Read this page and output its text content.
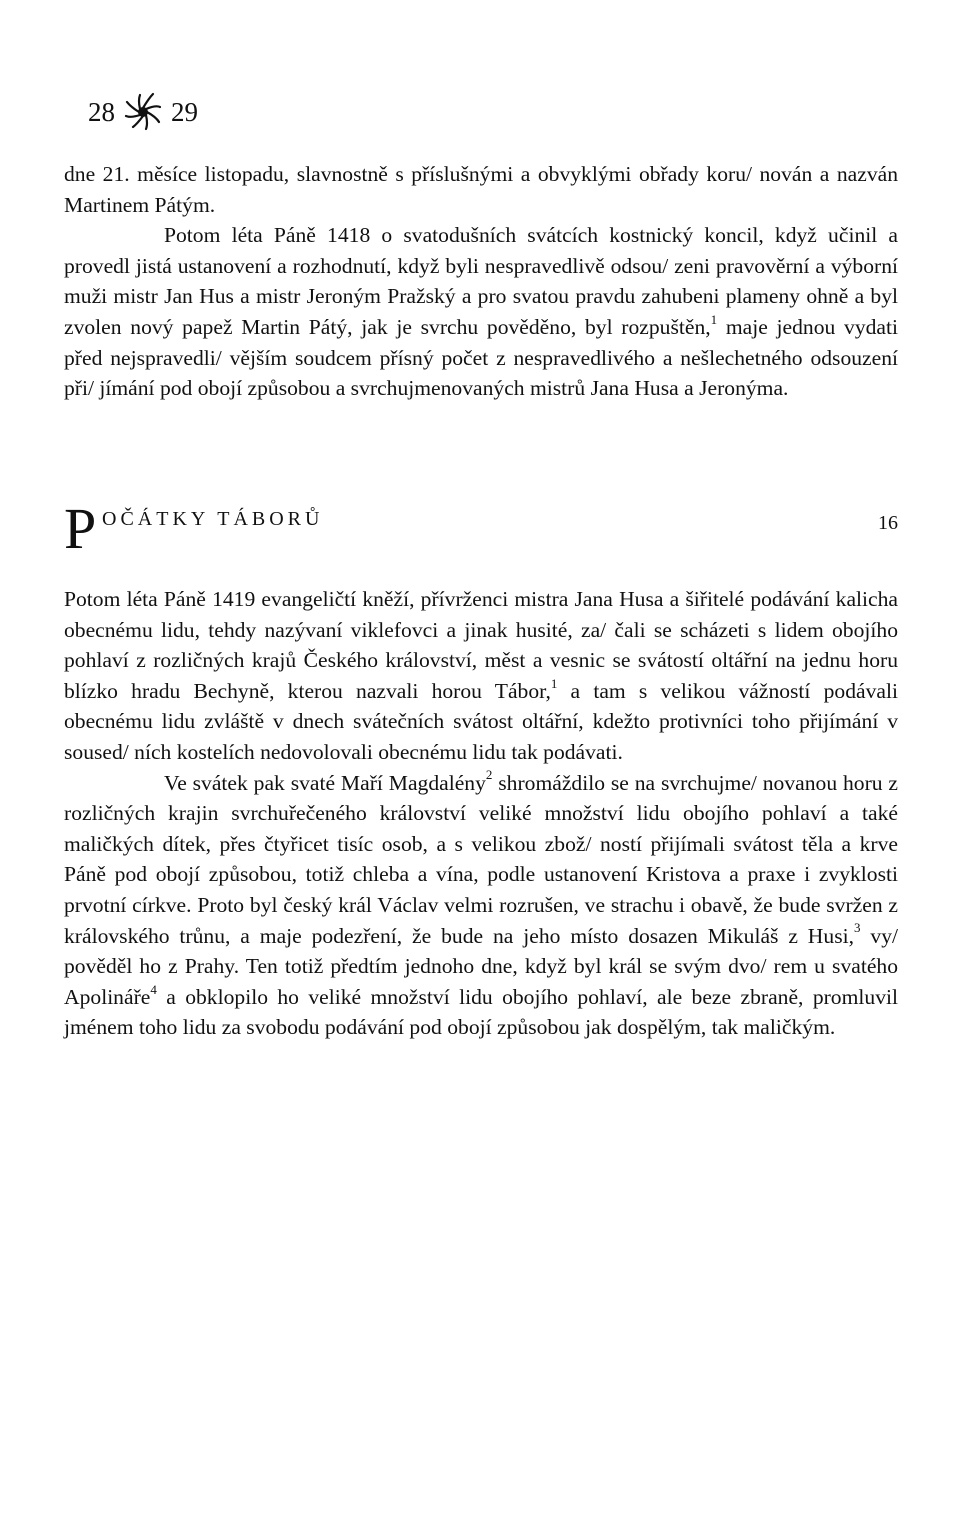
28 29

dne 21. měsíce listopadu, slavnostně s příslušnými a obvyklými obřady koru/ nován a nazván Martinem Pátým.

Potom léta Páně 1418 o svatodušních svátcích kostnický koncil, když učinil a provedl jistá ustanovení a rozhodnutí, když byli nespravedlivě odsou/ zeni pravověrní a výborní muži mistr Jan Hus a mistr Jeroným Pražský a pro svatou pravdu zahubeni plameny ohně a byl zvolen nový papež Martin Pátý, jak je svrchu pověděno, byl rozpuštěn,$^1$ maje jednou vydati před nejspravedli/ vějším soudcem přísný počet z nespravedlivého a nešlechetného odsouzení při/ jímání pod obojí způsobou a svrchujmenovaných mistrů Jana Husa a Jeronýma.

P OČÁTKY TÁBORŮ	16

Potom léta Páně 1419 evangeličtí kněží, přívrženci mistra Jana Husa a šiřitelé podávání kalicha obecnému lidu, tehdy nazývaní viklefovci a jinak husité, za/ čali se scházeti s lidem obojího pohlaví z rozličných krajů Českého království, měst a vesnic se svátostí oltářní na jednu horu blízko hradu Bechyně, kterou nazvali horou Tábor,$^1$ a tam s velikou vážností podávali obecnému lidu zvláště v dnech svátečních svátost oltářní, kdežto protivníci toho přijímání v soused/ ních kostelích nedovolovali obecnému lidu tak podávati.

Ve svátek pak svaté Maří Magdalény$^2$ shromáždilo se na svrchujme/ novanou horu z rozličných krajin svrchuřečeného království veliké množství lidu obojího pohlaví a také maličkých dítek, přes čtyřicet tisíc osob, a s velikou zbož/ ností přijímali svátost těla a krve Páně pod obojí způsobou, totiž chleba a vína, podle ustanovení Kristova a praxe i zvyklosti prvotní církve. Proto byl český král Václav velmi rozrušen, ve strachu i obavě, že bude svržen z královského trůnu, a maje podezření, že bude na jeho místo dosazen Mikuláš z Husi,$^3$ vy/ pověděl ho z Prahy. Ten totiž předtím jednoho dne, když byl král se svým dvo/ rem u svatého Apolináře$^4$ a obklopilo ho veliké množství lidu obojího pohlaví, ale beze zbraně, promluvil jménem toho lidu za svobodu podávání pod obojí způsobou jak dospělým, tak maličkým.
